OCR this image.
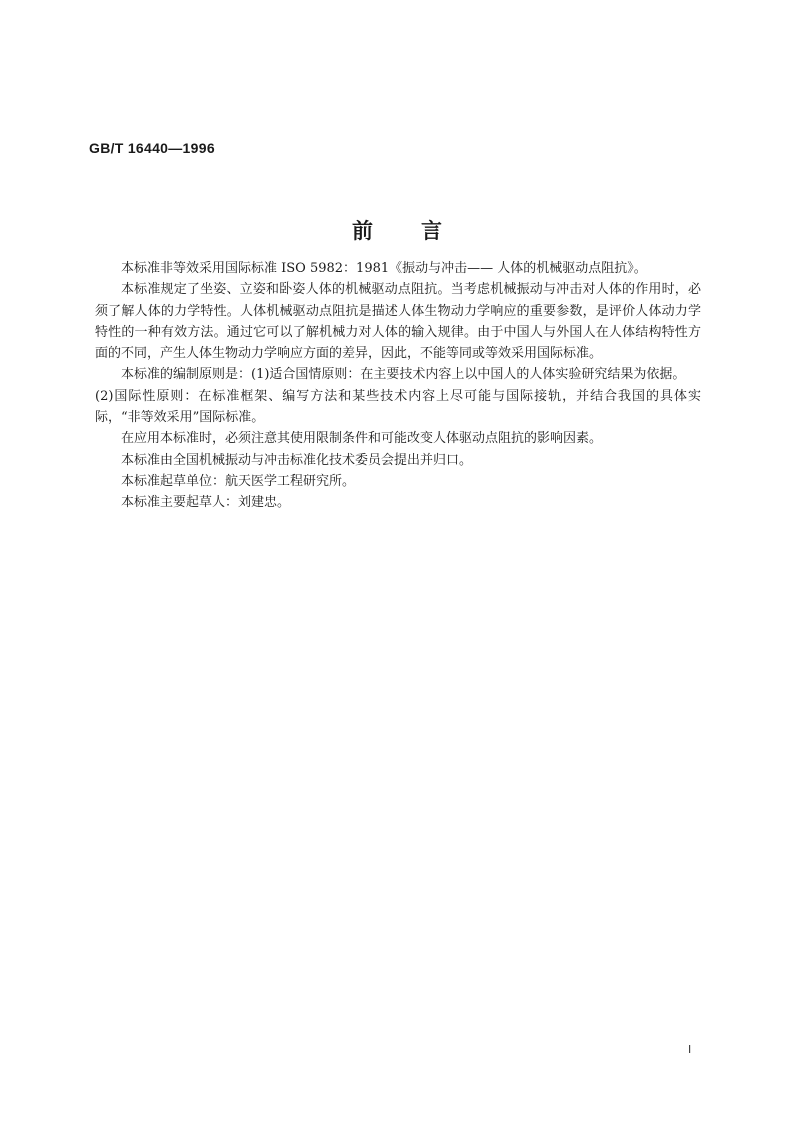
GB/T 16440—1996
前言

本标准非等效采用国际标准 ISO 5982：1981《振动与冲击—— 人体的机械驱动点阻抗》。

本标准规定了坐姿、立姿和卧姿人体的机械驱动点阻抗。当考虑机械振动与冲击对人体的作用时，必须了解人体的力学特性。人体机械驱动点阻抗是描述人体生物动力学响应的重要参数，是评价人体动力学特性的一种有效方法。通过它可以了解机械力对人体的输入规律。由于中国人与外国人在人体结构特性方面的不同，产生人体生物动力学响应方面的差异，因此，不能等同或等效采用国际标准。

本标准的编制原则是：(1)适合国情原则：在主要技术内容上以中国人的人体实验研究结果为依据。

(2)国际性原则：在标准框架、编写方法和某些技术内容上尽可能与国际接轨，并结合我国的具体实际，“非等效采用”国际标准。

在应用本标准时，必须注意其使用限制条件和可能改变人体驱动点阻抗的影响因素。

本标准由全国机械振动与冲击标准化技术委员会提出并归口。

本标准起草单位：航天医学工程研究所。

本标准主要起草人：刘建忠。

I
